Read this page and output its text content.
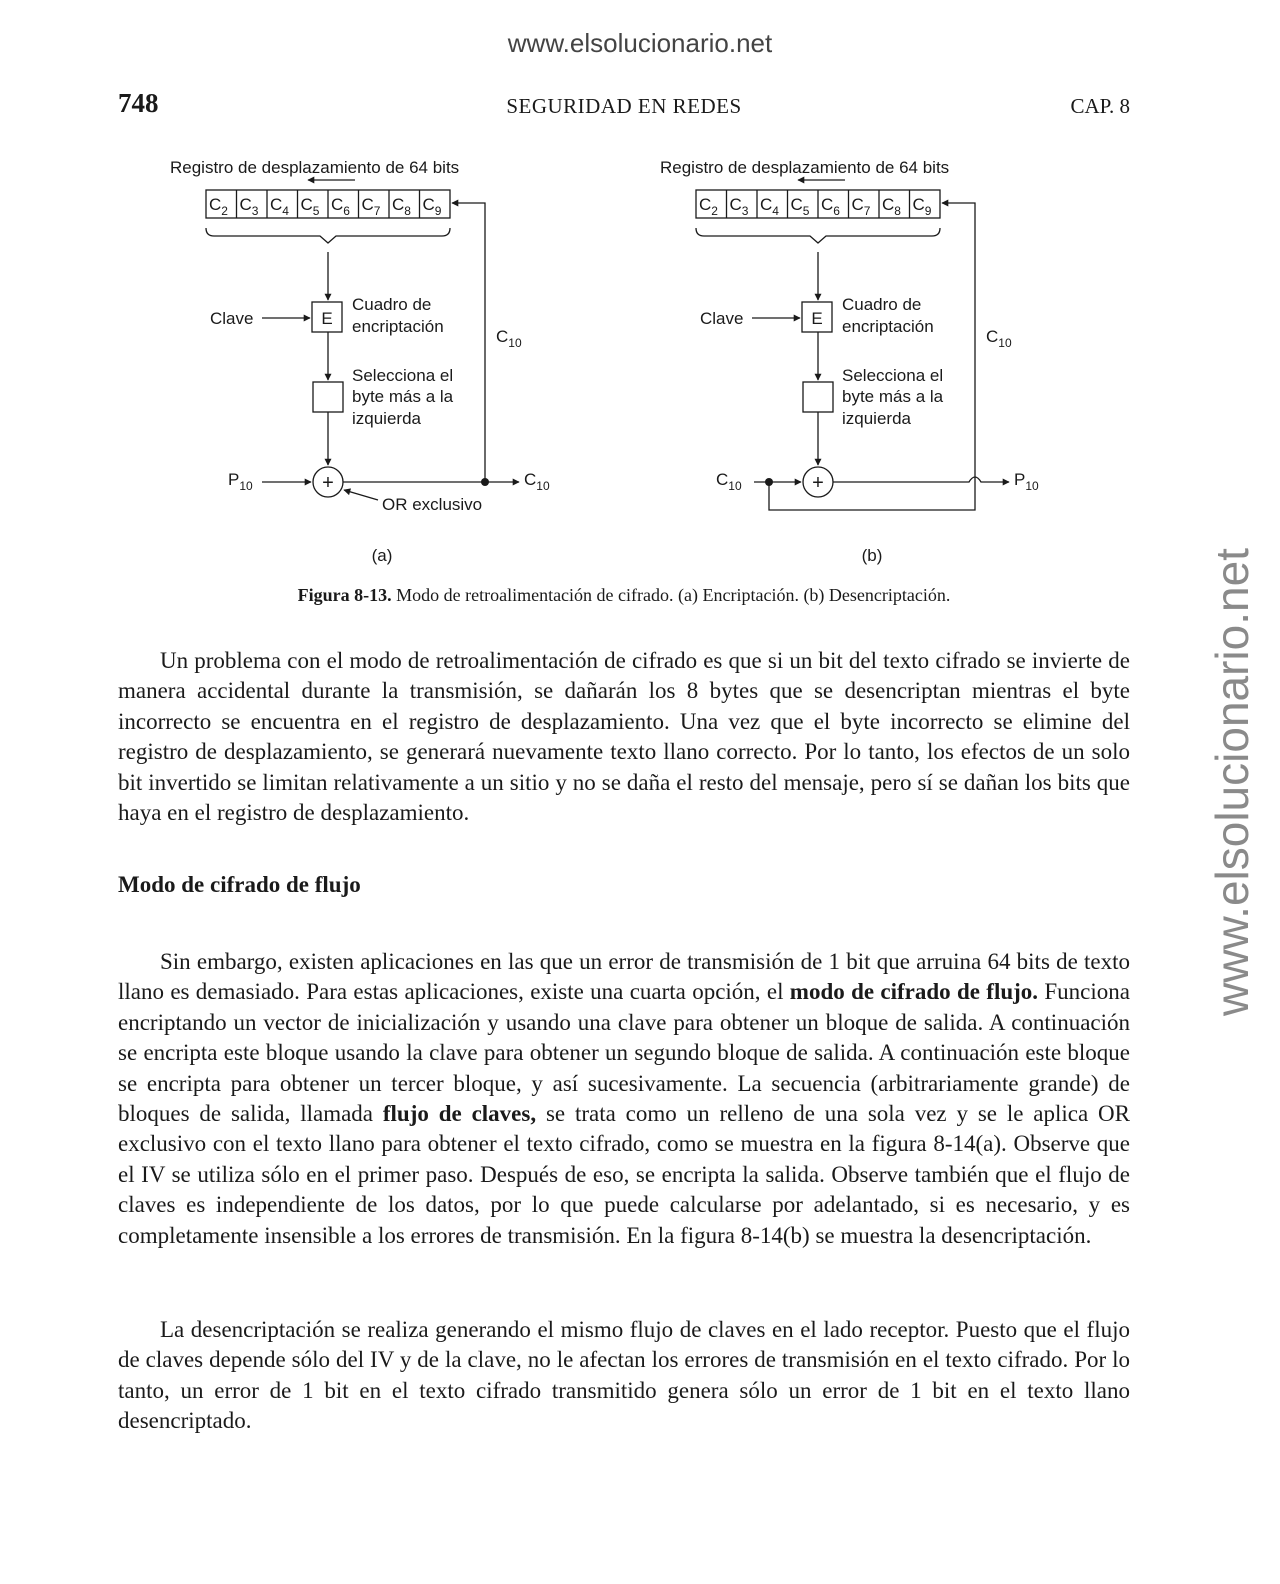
www.elsolucionario.net
www.elsolucionario.net
748	SEGURIDAD EN REDES	CAP. 8
Registro de desplazamiento de 64 bits
$C_2$ $C_3$ $C_4$ $C_5$ $C_6$ $C_7$ $C_8$ $C_9$
Clave	E
Cuadro de
encriptación
Selecciona el
byte más a la
izquierda
+
OR exclusivo
$P_{10}$
$C_{10}$
$C_{10}$
(a)
Registro de desplazamiento de 64 bits
$C_2$ $C_3$ $C_4$ $C_5$ $C_6$ $C_7$ $C_8$ $C_9$
Clave	E
Cuadro de
encriptación
Selecciona el
byte más a la
izquierda
+
$C_{10}$
$C_{10}$
$P_{10}$
(b)
Figura 8-13. Modo de retroalimentación de cifrado. (a) Encriptación. (b) Desencriptación.

Un problema con el modo de retroalimentación de cifrado es que si un bit del texto cifrado se invierte de manera accidental durante la transmisión, se dañarán los 8 bytes que se desencriptan mientras el byte incorrecto se encuentra en el registro de desplazamiento. Una vez que el byte incorrecto se elimine del registro de desplazamiento, se generará nuevamente texto llano correcto. Por lo tanto, los efectos de un solo bit invertido se limitan relativamente a un sitio y no se daña el resto del mensaje, pero sí se dañan los bits que haya en el registro de desplazamiento.

Modo de cifrado de flujo

Sin embargo, existen aplicaciones en las que un error de transmisión de 1 bit que arruina 64 bits de texto llano es demasiado. Para estas aplicaciones, existe una cuarta opción, el modo de cifrado de flujo. Funciona encriptando un vector de inicialización y usando una clave para obtener un bloque de salida. A continuación se encripta este bloque usando la clave para obtener un segundo bloque de salida. A continuación este bloque se encripta para obtener un tercer bloque, y así sucesivamente. La secuencia (arbitrariamente grande) de bloques de salida, llamada flujo de claves, se trata como un relleno de una sola vez y se le aplica OR exclusivo con el texto llano para obtener el texto cifrado, como se muestra en la figura 8-14(a). Observe que el IV se utiliza sólo en el primer paso. Después de eso, se encripta la salida. Observe también que el flujo de claves es independiente de los datos, por lo que puede calcularse por adelantado, si es necesario, y es completamente insensible a los errores de transmisión. En la figura 8-14(b) se muestra la desencriptación.

La desencriptación se realiza generando el mismo flujo de claves en el lado receptor. Puesto que el flujo de claves depende sólo del IV y de la clave, no le afectan los errores de transmisión en el texto cifrado. Por lo tanto, un error de 1 bit en el texto cifrado transmitido genera sólo un error de 1 bit en el texto llano desencriptado.
